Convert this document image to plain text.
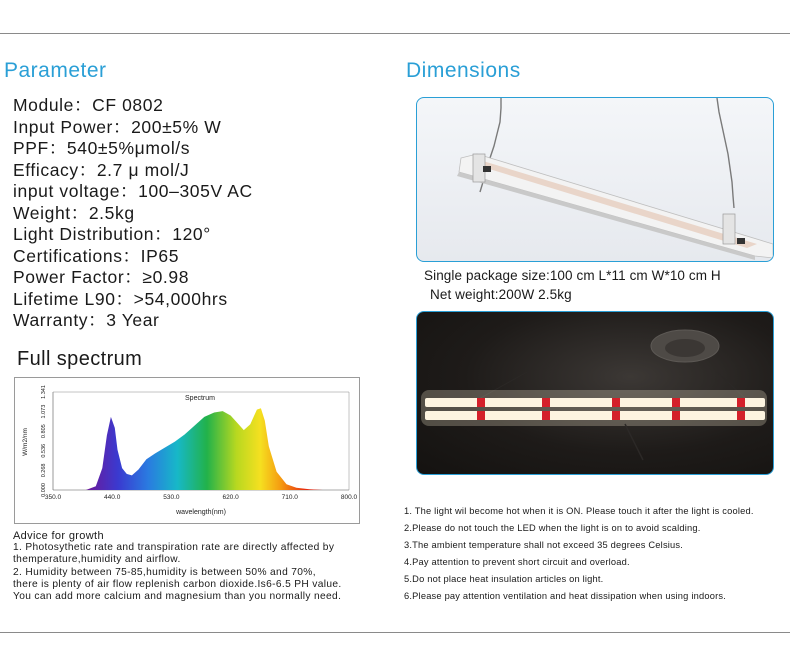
Parameter
Module：CF 0802
Input Power：200±5% W
PPF：540±5%μmol/s
Efficacy：2.7 μ mol/J
input voltage：100–305V AC
Weight：2.5kg
Light Distribution：120°
Certifications：IP65
Power Factor：≥0.98
Lifetime L90：>54,000hrs
Warranty：3 Year
Full spectrum
Spectrum
350.0	440.0	530.0	620.0	710.0	800.0
0.000
0.268
0.536
0.805
1.073
1.341
wavelength(nm)
W/m2/nm
Advice for growth
1. Photosythetic rate and transpiration rate are directly affected by
themperature,humidity and airflow.
2. Humidity between 75-85,humidity is between 50% and 70%,
there is plenty of air flow replenish carbon dioxide.Is6-6.5 PH value.
You can add more calcium and magnesium than you normally need.
Dimensions
Single package size:100 cm L*11 cm W*10 cm H
Net weight:200W 2.5kg
1. The light wil become hot when it is ON. Please touch it after the light is cooled.
2.Please do not touch the LED when the light is on to avoid scalding.
3.The ambient temperature shall not exceed 35 degrees Celsius.
4.Pay attention to prevent short circuit and overload.
5.Do not place heat insulation articles on light.
6.Please pay attention ventilation and heat dissipation when using indoors.
